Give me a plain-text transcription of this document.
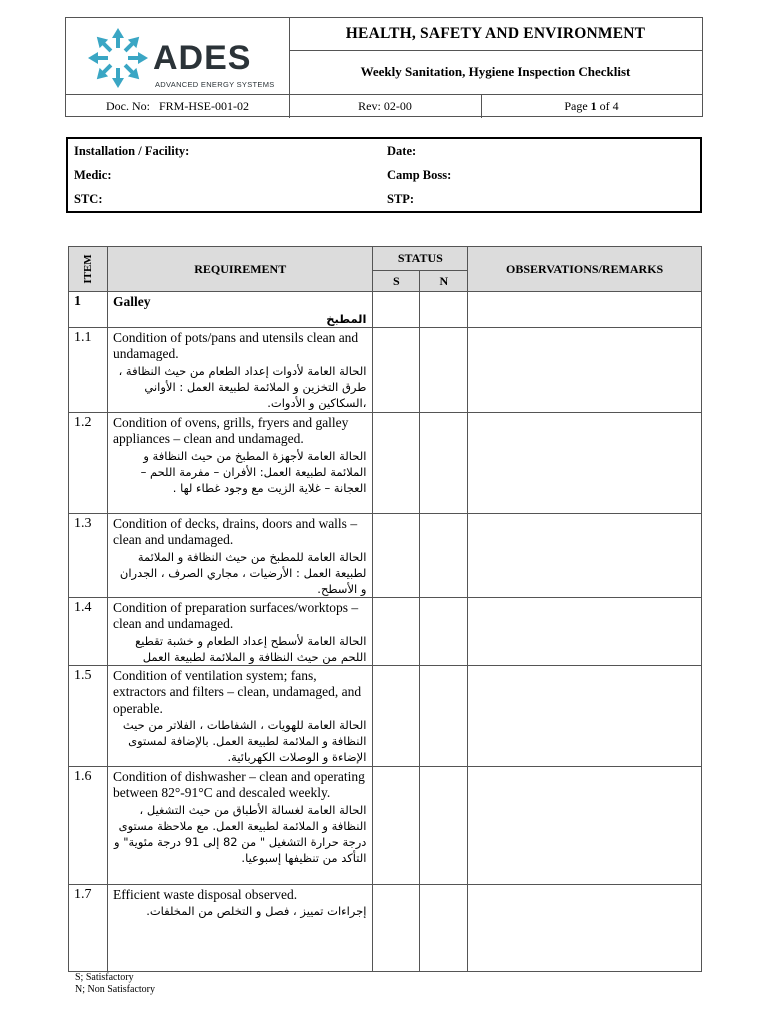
ADES
ADVANCED ENERGY SYSTEMS
HEALTH, SAFETY AND ENVIRONMENT
Weekly Sanitation, Hygiene Inspection Checklist
Doc. No: FRM-HSE-001-02	Rev: 02-00	Page 1 of 4
Installation / Facility:	Date:
Medic:	Camp Boss:
STC:	STP:
ITEM	REQUIREMENT	STATUS		OBSERVATIONS/REMARKS
		S	N	
1	Galley
المطبخ			

1.1	Condition of pots/pans and utensils clean and undamaged.
الحالة العامة لأدوات إعداد الطعام من حيث النظافة ، طرق التخزين و الملائمة لطبيعة العمل : الأواني ،السكاكين و الأدوات.			

1.2	Condition of ovens, grills, fryers and galley appliances – clean and undamaged.
الحالة العامة لأجهزة المطبخ من حيث النظافة و الملائمة لطبيعة العمل: الأفران – مفرمة اللحم – العجانة – غلاية الزيت مع وجود غطاء لها .			

1.3	Condition of decks, drains, doors and walls – clean and undamaged.
الحالة العامة للمطبخ من حيث النظافة و الملائمة لطبيعة العمل : الأرضيات ، مجاري الصرف ، الجدران و الأسطح.			

1.4	Condition of preparation surfaces/worktops – clean and undamaged.
الحالة العامة لأسطح إعداد الطعام و خشبة تقطيع اللحم من حيث النظافة و الملائمة لطبيعة العمل			

1.5	Condition of ventilation system; fans, extractors and filters – clean, undamaged, and operable.
الحالة العامة للهويات ، الشفاطات ، الفلاتر من حيث النظافة و الملائمة لطبيعة العمل. بالإضافة لمستوى الإضاءة و الوصلات الكهربائية.			

1.6	Condition of dishwasher – clean and operating between 82°-91°C and descaled weekly.
الحالة العامة لغسالة الأطباق من حيث التشغيل ، النظافة و الملائمة لطبيعة العمل. مع ملاحظة مستوى درجة حرارة التشغيل " من 82 إلى 91 درجة مئوية" و التأكد من تنظيفها إسبوعيا.			

1.7	Efficient waste disposal observed.
إجراءات تمييز ، فصل و التخلص من المخلفات.			

S; Satisfactory
N; Non Satisfactory
